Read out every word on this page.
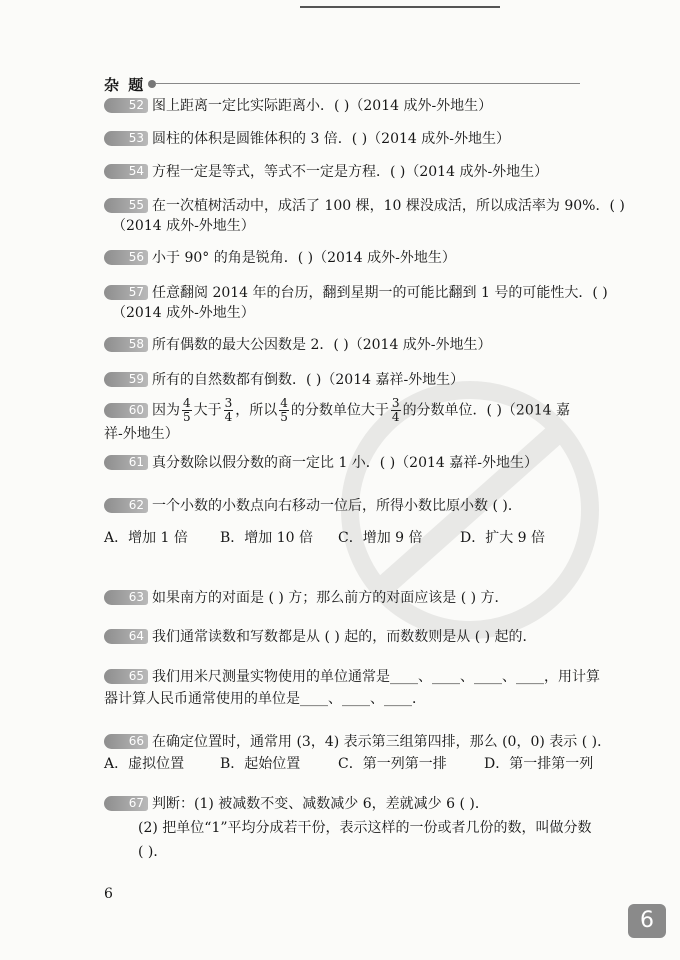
杂 题
52 图上距离一定比实际距离小．( )（2014 成外-外地生）
53 圆柱的体积是圆锥体积的 3 倍．( )（2014 成外-外地生）
54 方程一定是等式，等式不一定是方程．( )（2014 成外-外地生）
55 在一次植树活动中，成活了 100 棵，10 棵没成活，所以成活率为 90%．( )
（2014 成外-外地生）
56 小于 90° 的角是锐角．( )（2014 成外-外地生）
57 任意翻阅 2014 年的台历，翻到星期一的可能比翻到 1 号的可能性大．( )
（2014 成外-外地生）
58 所有偶数的最大公因数是 2．( )（2014 成外-外地生）
59 所有的自然数都有倒数．( )（2014 嘉祥-外地生）
60 因为 $\frac{4}{5}$ 大于 $\frac{3}{4}$ ，所以 $\frac{4}{5}$ 的分数单位大于 $\frac{3}{4}$ 的分数单位．( )（2014 嘉
祥-外地生）
61 真分数除以假分数的商一定比 1 小．( )（2014 嘉祥-外地生）
62 一个小数的小数点向右移动一位后，所得小数比原小数 ( )．
A．增加 1 倍 B．增加 10 倍 C．增加 9 倍	D．扩大 9 倍
63 如果南方的对面是 ( ) 方；那么前方的对面应该是 ( ) 方．
64 我们通常读数和写数都是从 ( ) 起的，而数数则是从 ( ) 起的．
65 我们用米尺测量实物使用的单位通常是____、____、____、____，用计算
器计算人民币通常使用的单位是____、____、____．
66 在确定位置时，通常用 (3，4) 表示第三组第四排，那么 (0，0) 表示 ( )．
A．虚拟位置	B．起始位置	C．第一列第一排	D．第一排第一列
67 判断：(1) 被减数不变、减数减少 6，差就减少 6 ( )．
(2) 把单位“1”平均分成若干份，表示这样的一份或者几份的数，叫做分数
( )．
6
6
